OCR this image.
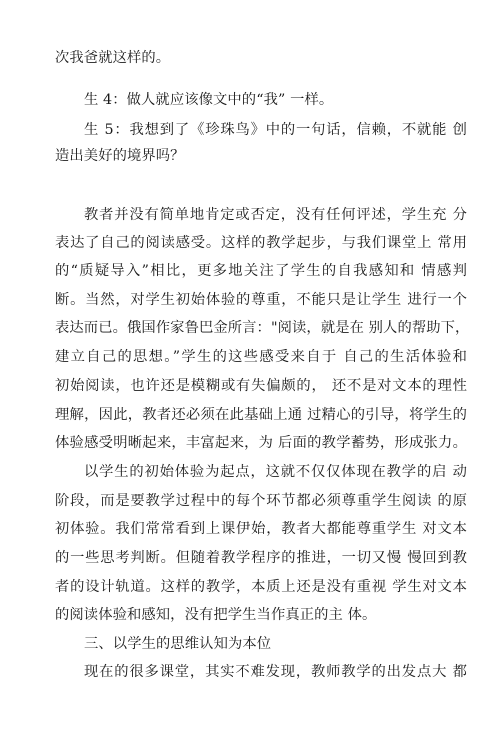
次我爸就这样的。
生 4：做人就应该像文中的“我” 一样。
生 5：我想到了《珍珠鸟》中的一句话，信赖，不就能 创
造出美好的境界吗？
教者并没有简单地肯定或否定，没有任何评述，学生充 分
表达了自己的阅读感受。这样的教学起步，与我们课堂上 常用
的“质疑导入”相比，更多地关注了学生的自我感知和 情感判
断。当然，对学生初始体验的尊重，不能只是让学生 进行一个
表达而已。俄国作家鲁巴金所言："阅读，就是在 别人的帮助下，
建立自己的思想。”学生的这些感受来自于 自己的生活体验和
初始阅读，也许还是模糊或有失偏颇的， 还不是对文本的理性
理解，因此，教者还必须在此基础上通 过精心的引导，将学生的
体验感受明晰起来，丰富起来，为 后面的教学蓄势，形成张力。
以学生的初始体验为起点，这就不仅仅体现在教学的启 动
阶段，而是要教学过程中的每个环节都必须尊重学生阅读 的原
初体验。我们常常看到上课伊始，教者大都能尊重学生 对文本
的一些思考判断。但随着教学程序的推进，一切又慢 慢回到教
者的设计轨道。这样的教学，本质上还是没有重视 学生对文本
的阅读体验和感知，没有把学生当作真正的主 体。
三、以学生的思维认知为本位
现在的很多课堂，其实不难发现，教师教学的出发点大 都
